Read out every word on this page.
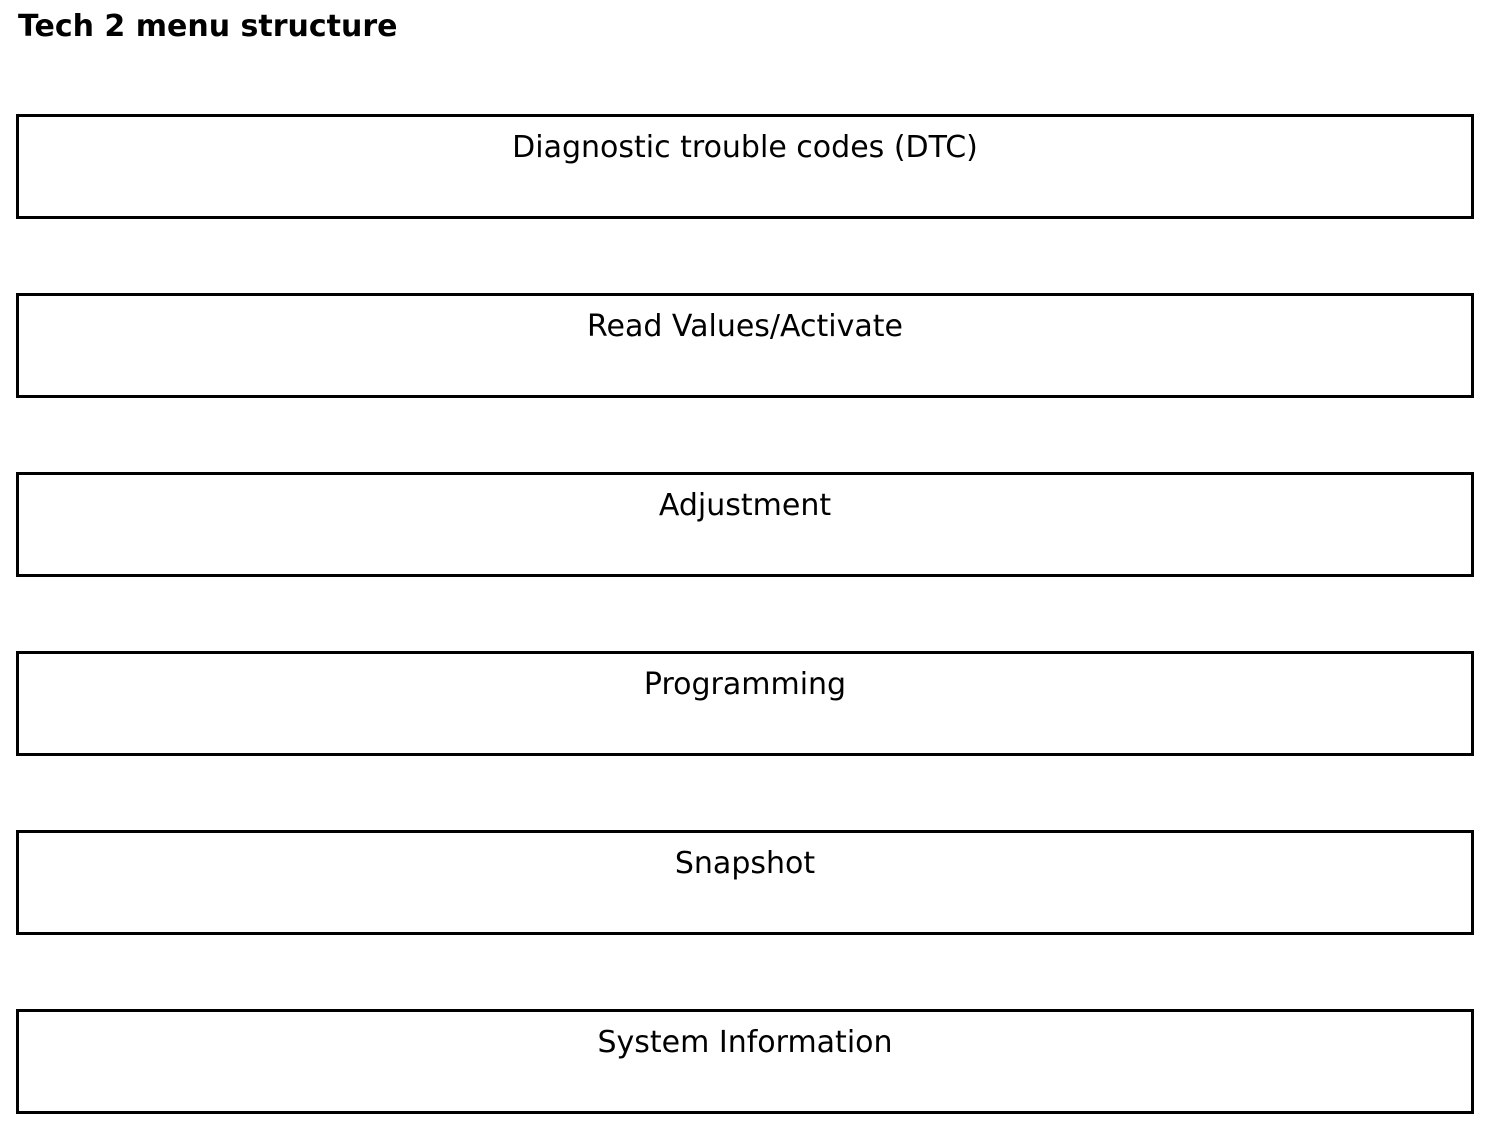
Tech 2 menu structure
Diagnostic trouble codes (DTC)
Read Values/Activate
Adjustment
Programming
Snapshot
System Information
